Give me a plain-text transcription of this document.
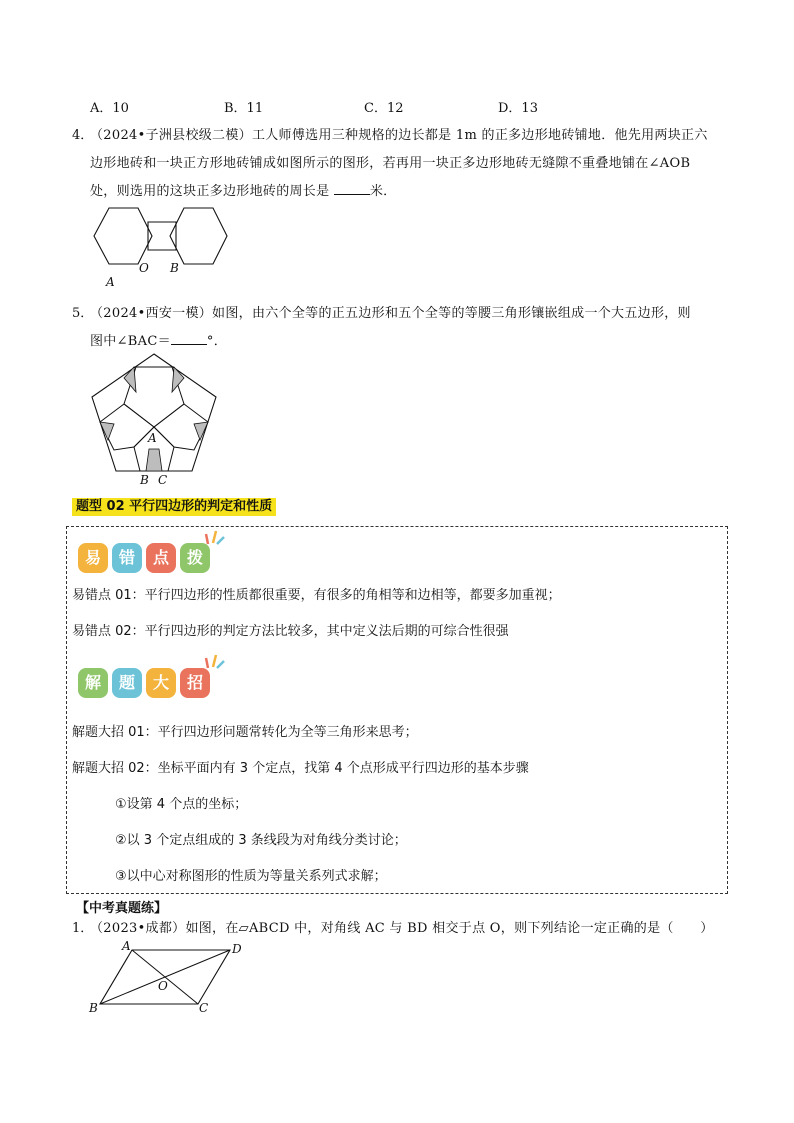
A．10	B．11	C．12	D．13
4．
（2024•子洲县校级二模）工人师傅选用三种规格的边长都是 1m 的正多边形地砖铺地．他先用两块正六
边形地砖和一块正方形地砖铺成如图所示的图形，若再用一块正多边形地砖无缝隙不重叠地铺在∠AOB
处，则选用的这块正多边形地砖的周长是	米．
A
O B
5．
（2024•西安一模）如图，由六个全等的正五边形和五个全等的等腰三角形镶嵌组成一个大五边形，则
图中∠BAC＝	°．
A
B C
题型 02 平行四边形的判定和性质
易	错	点	拨
易错点 01：平行四边形的性质都很重要，有很多的角相等和边相等，都要多加重视；
易错点 02：平行四边形的判定方法比较多，其中定义法后期的可综合性很强
解	题	大	招
解题大招 01：平行四边形问题常转化为全等三角形来思考；
解题大招 02：坐标平面内有 3 个定点，找第 4 个点形成平行四边形的基本步骤
①设第 4 个点的坐标；
②以 3 个定点组成的 3 条线段为对角线分类讨论；
③以中心对称图形的性质为等量关系列式求解；
【中考真题练】
1．
（2023•成都）如图，在▱ABCD 中，对角线 AC 与 BD 相交于点 O，则下列结论一定正确的是（　　）
A	D
O
B	C
